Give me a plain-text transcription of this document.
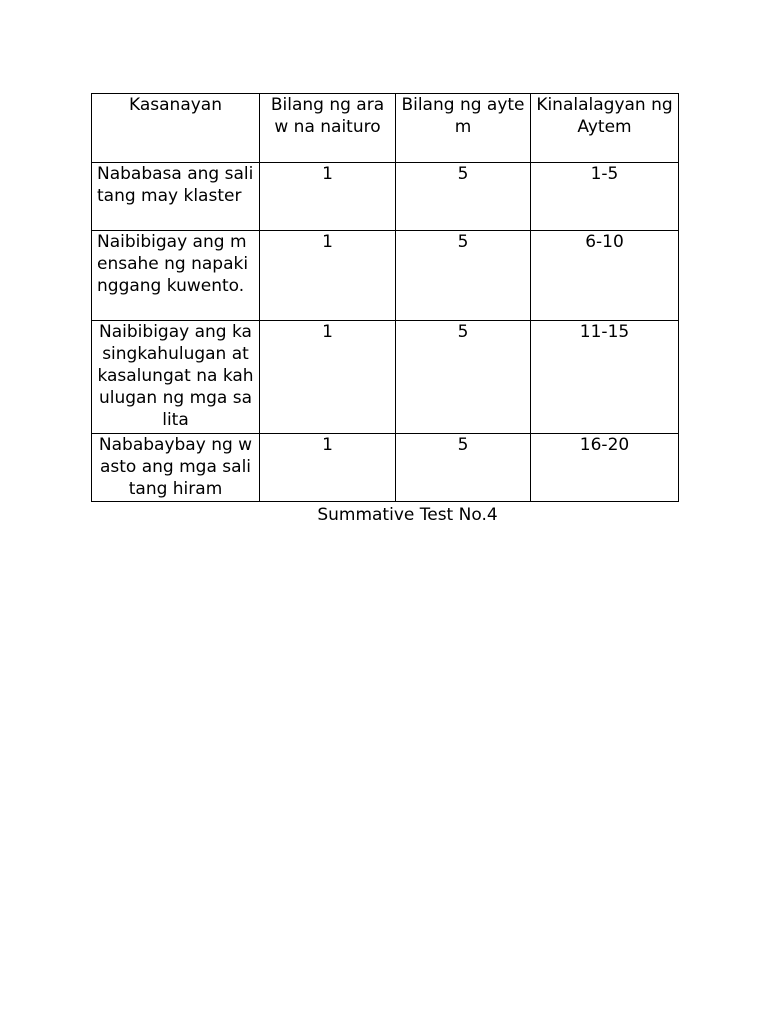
Kasanayan	Bilang ng araw na naituro	Bilang ng aytem	Kinalalagyan ng Aytem
Nababasa ang salitang may klaster	1	5	1-5
Naibibigay ang mensahe ng napakinggang kuwento.	1	5	6-10
Naibibigay ang kasingkahulugan at kasalungat na kahulugan ng mga salita	1	5	11-15
Nababaybay ng wasto ang mga salitang hiram	1	5	16-20
Summative Test No.4
